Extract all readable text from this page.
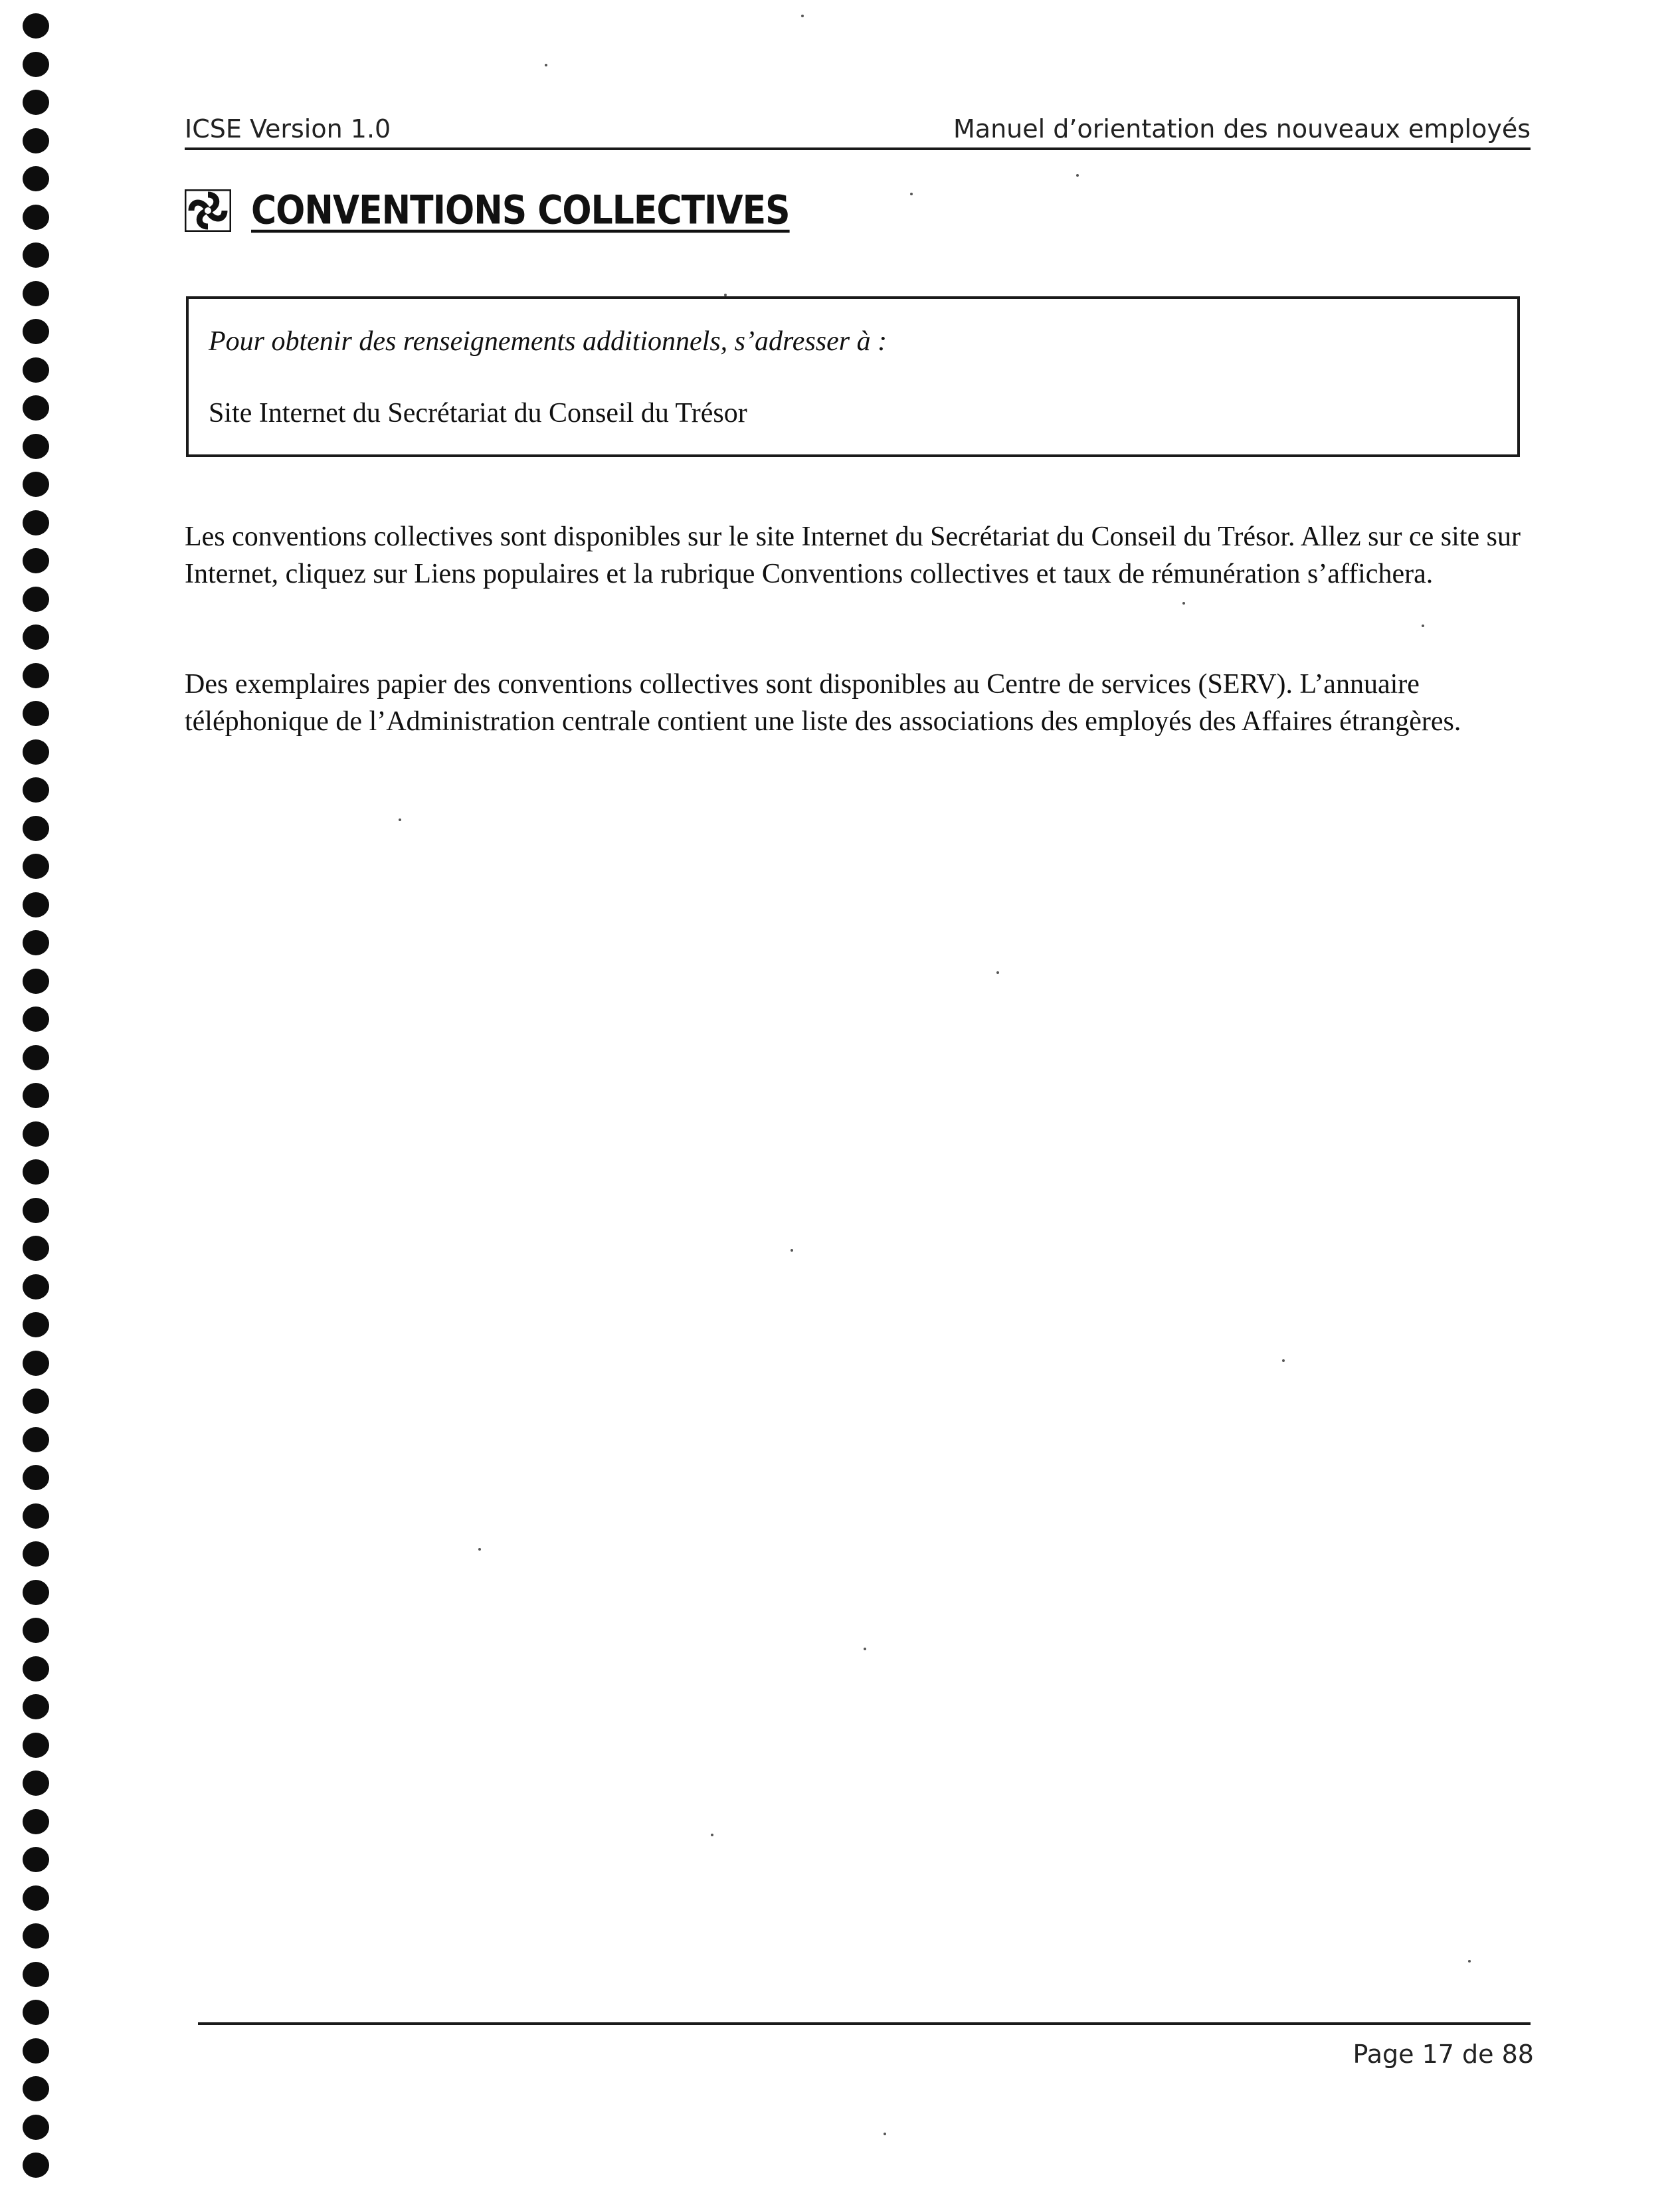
ICSE Version 1.0	Manuel d’orientation des nouveaux employés
CONVENTIONS COLLECTIVES
Pour obtenir des renseignements additionnels, s’adresser à :
Site Internet du Secrétariat du Conseil du Trésor
Les conventions collectives sont disponibles sur le site Internet du Secrétariat du Conseil du Trésor. Allez sur ce site sur Internet, cliquez sur Liens populaires et la rubrique Conventions collectives et taux de rémunération s’affichera.
Des exemplaires papier des conventions collectives sont disponibles au Centre de services (SERV). L’annuaire téléphonique de l’Administration centrale contient une liste des associations des employés des Affaires étrangères.
Page 17 de 88
